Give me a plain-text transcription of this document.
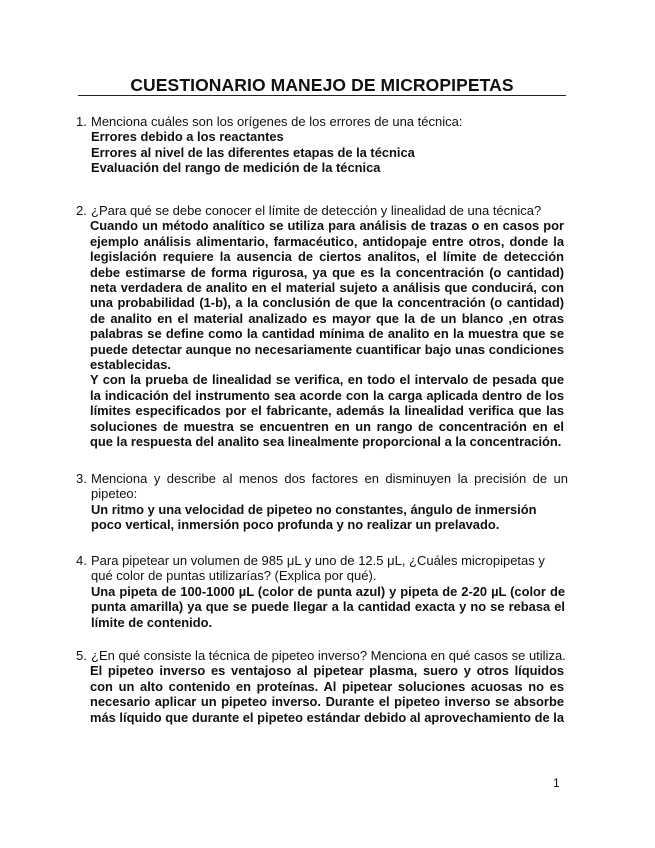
CUESTIONARIO MANEJO DE MICROPIPETAS
1. Menciona cuáles son los orígenes de los errores de una técnica:

Errores debido a los reactantes

Errores al nivel de las diferentes etapas de la técnica

Evaluación del rango de medición de la técnica

2. ¿Para qué se debe conocer el límite de detección y linealidad de una técnica?

Cuando un método analítico se utiliza para análisis de trazas o en casos por ejemplo análisis alimentario, farmacéutico, antidopaje entre otros, donde la legislación requiere la ausencia de ciertos analitos, el límite de detección debe estimarse de forma rigurosa, ya que es la concentración (o cantidad) neta verdadera de analito en el material sujeto a análisis que conducirá, con una probabilidad (1-b), a la conclusión de que la concentración (o cantidad) de analito en el material analizado es mayor que la de un blanco ,en otras palabras se define como la cantidad mínima de analito en la muestra que se puede detectar aunque no necesariamente cuantificar bajo unas condiciones establecidas.

Y con la prueba de linealidad se verifica, en todo el intervalo de pesada que la indicación del instrumento sea acorde con la carga aplicada dentro de los límites especificados por el fabricante, además la linealidad verifica que las soluciones de muestra se encuentren en un rango de concentración en el que la respuesta del analito sea linealmente proporcional a la concentración.

3. Menciona y describe al menos dos factores en disminuyen la precisión de un pipeteo:

Un ritmo y una velocidad de pipeteo no constantes, ángulo de inmersión poco vertical, inmersión poco profunda y no realizar un prelavado.

4. Para pipetear un volumen de 985 μL y uno de 12.5 μL, ¿Cuáles micropipetas y qué color de puntas utilizarías? (Explica por qué).

Una pipeta de 100-1000 µL (color de punta azul) y pipeta de 2-20 µL (color de punta amarilla) ya que se puede llegar a la cantidad exacta y no se rebasa el límite de contenido.

5. ¿En qué consiste la técnica de pipeteo inverso? Menciona en qué casos se utiliza.

El pipeteo inverso es ventajoso al pipetear plasma, suero y otros líquidos con un alto contenido en proteínas. Al pipetear soluciones acuosas no es necesario aplicar un pipeteo inverso. Durante el pipeteo inverso se absorbe más líquido que durante el pipeteo estándar debido al aprovechamiento de la

1
